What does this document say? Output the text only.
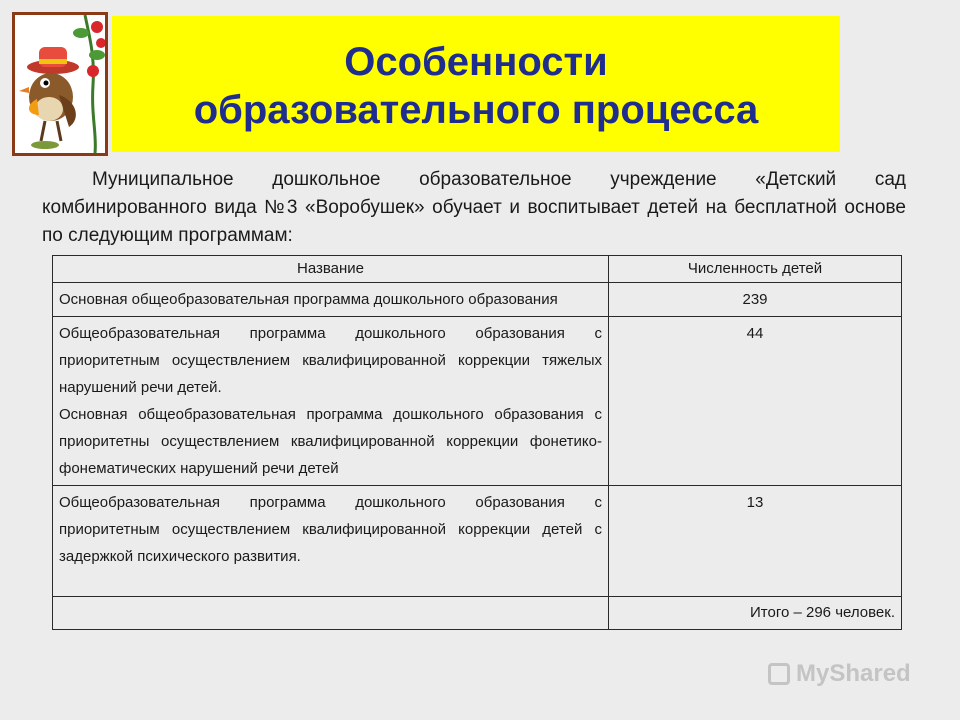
Особенности
образовательного процесса
Муниципальное дошкольное образовательное учреждение «Детский сад комбинированного вида №3 «Воробушек» обучает и воспитывает детей на бесплатной основе по следующим программам:
Название	Численность детей
Основная общеобразовательная программа дошкольного образования	239

Общеобразовательная программа дошкольного образования с приоритетным осуществлением квалифицированной коррекции тяжелых нарушений речи детей.
Основная общеобразовательная программа дошкольного образования с приоритетны осуществлением квалифицированной коррекции фонетико-фонематических нарушений речи детей	44
Общеобразовательная программа дошкольного образования с приоритетным осуществлением квалифицированной коррекции детей с задержкой психического развития.	13
	Итого – 296 человек.
MyShared
